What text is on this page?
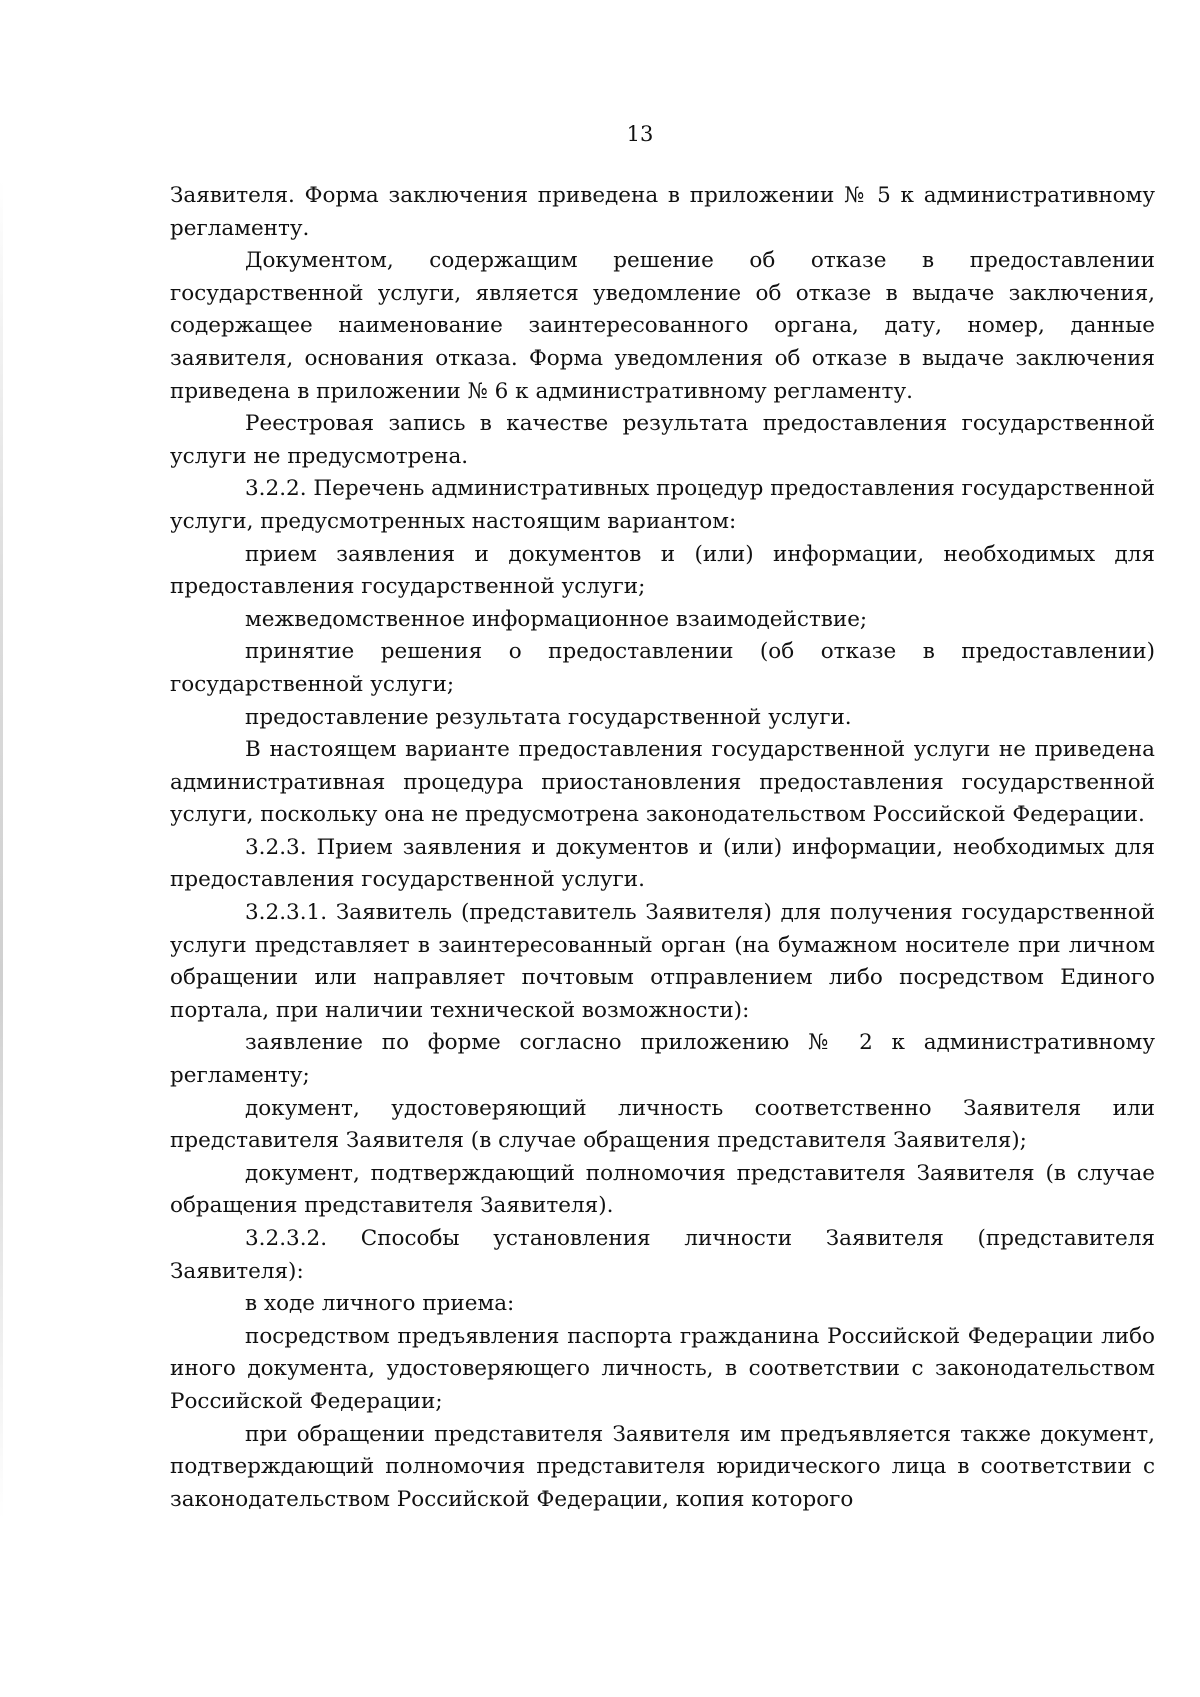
13

Заявителя. Форма заключения приведена в приложении № 5 к административному регламенту.

Документом, содержащим решение об отказе в предоставлении государственной услуги, является уведомление об отказе в выдаче заключения, содержащее наименование заинтересованного органа, дату, номер, данные заявителя, основания отказа. Форма уведомления об отказе в выдаче заключения приведена в приложении № 6 к административному регламенту.

Реестровая запись в качестве результата предоставления государственной услуги не предусмотрена.

3.2.2. Перечень административных процедур предоставления государственной услуги, предусмотренных настоящим вариантом:

прием заявления и документов и (или) информации, необходимых для предоставления государственной услуги;

межведомственное информационное взаимодействие;

принятие решения о предоставлении (об отказе в предоставлении) государственной услуги;

предоставление результата государственной услуги.

В настоящем варианте предоставления государственной услуги не приведена административная процедура приостановления предоставления государственной услуги, поскольку она не предусмотрена законодательством Российской Федерации.

3.2.3. Прием заявления и документов и (или) информации, необходимых для предоставления государственной услуги.

3.2.3.1. Заявитель (представитель Заявителя) для получения государственной услуги представляет в заинтересованный орган (на бумажном носителе при личном обращении или направляет почтовым отправлением либо посредством Единого портала, при наличии технической возможности):

заявление по форме согласно приложению № 2 к административному регламенту;

документ, удостоверяющий личность соответственно Заявителя или представителя Заявителя (в случае обращения представителя Заявителя);

документ, подтверждающий полномочия представителя Заявителя (в случае обращения представителя Заявителя).

3.2.3.2. Способы установления личности Заявителя (представителя Заявителя):

в ходе личного приема:

посредством предъявления паспорта гражданина Российской Федерации либо иного документа, удостоверяющего личность, в соответствии с законодательством Российской Федерации;

при обращении представителя Заявителя им предъявляется также документ, подтверждающий полномочия представителя юридического лица в соответствии с законодательством Российской Федерации, копия которого
